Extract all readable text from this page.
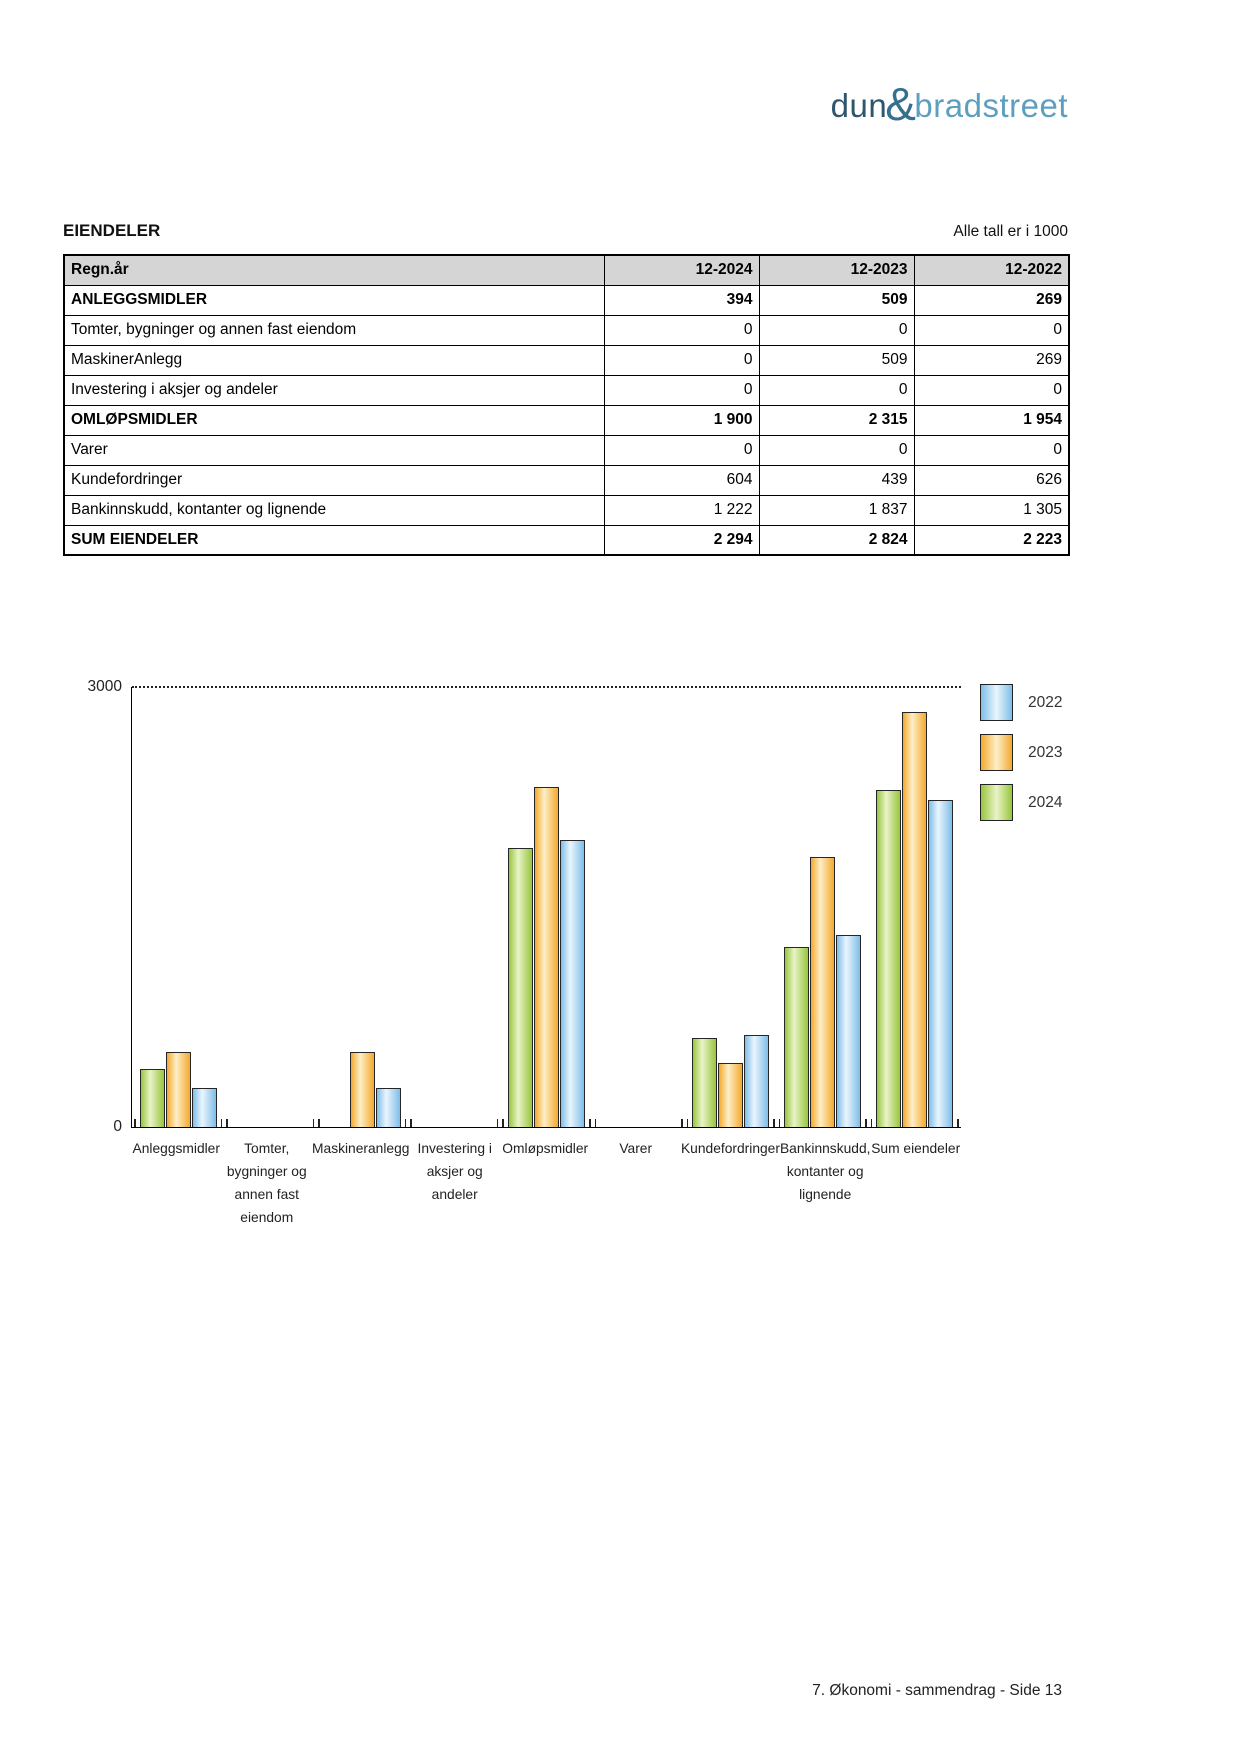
dun
&
bradstreet
EIENDELER	Alle tall er i 1000
Regn.år	12-2024	12-2023	12-2022
ANLEGGSMIDLER	394	509	269
Tomter, bygninger og annen fast eiendom	0	0	0
MaskinerAnlegg	0	509	269
Investering i aksjer og andeler	0	0	0
OMLØPSMIDLER	1 900	2 315	1 954
Varer	0	0	0
Kundefordringer	604	439	626
Bankinnskudd, kontanter og lignende	1 222	1 837	1 305
SUM EIENDELER	2 294	2 824	2 223
3000
0
Anleggsmidler	Tomter,
bygninger og
annen fast
eiendom
Maskineranlegg Investering i
aksjer og
andeler
Omløpsmidler	Varer	Kundefordringer Bankinnskudd,
kontanter og
lignende
Sum eiendeler
2022
2023
2024
7. Økonomi - sammendrag - Side 13
